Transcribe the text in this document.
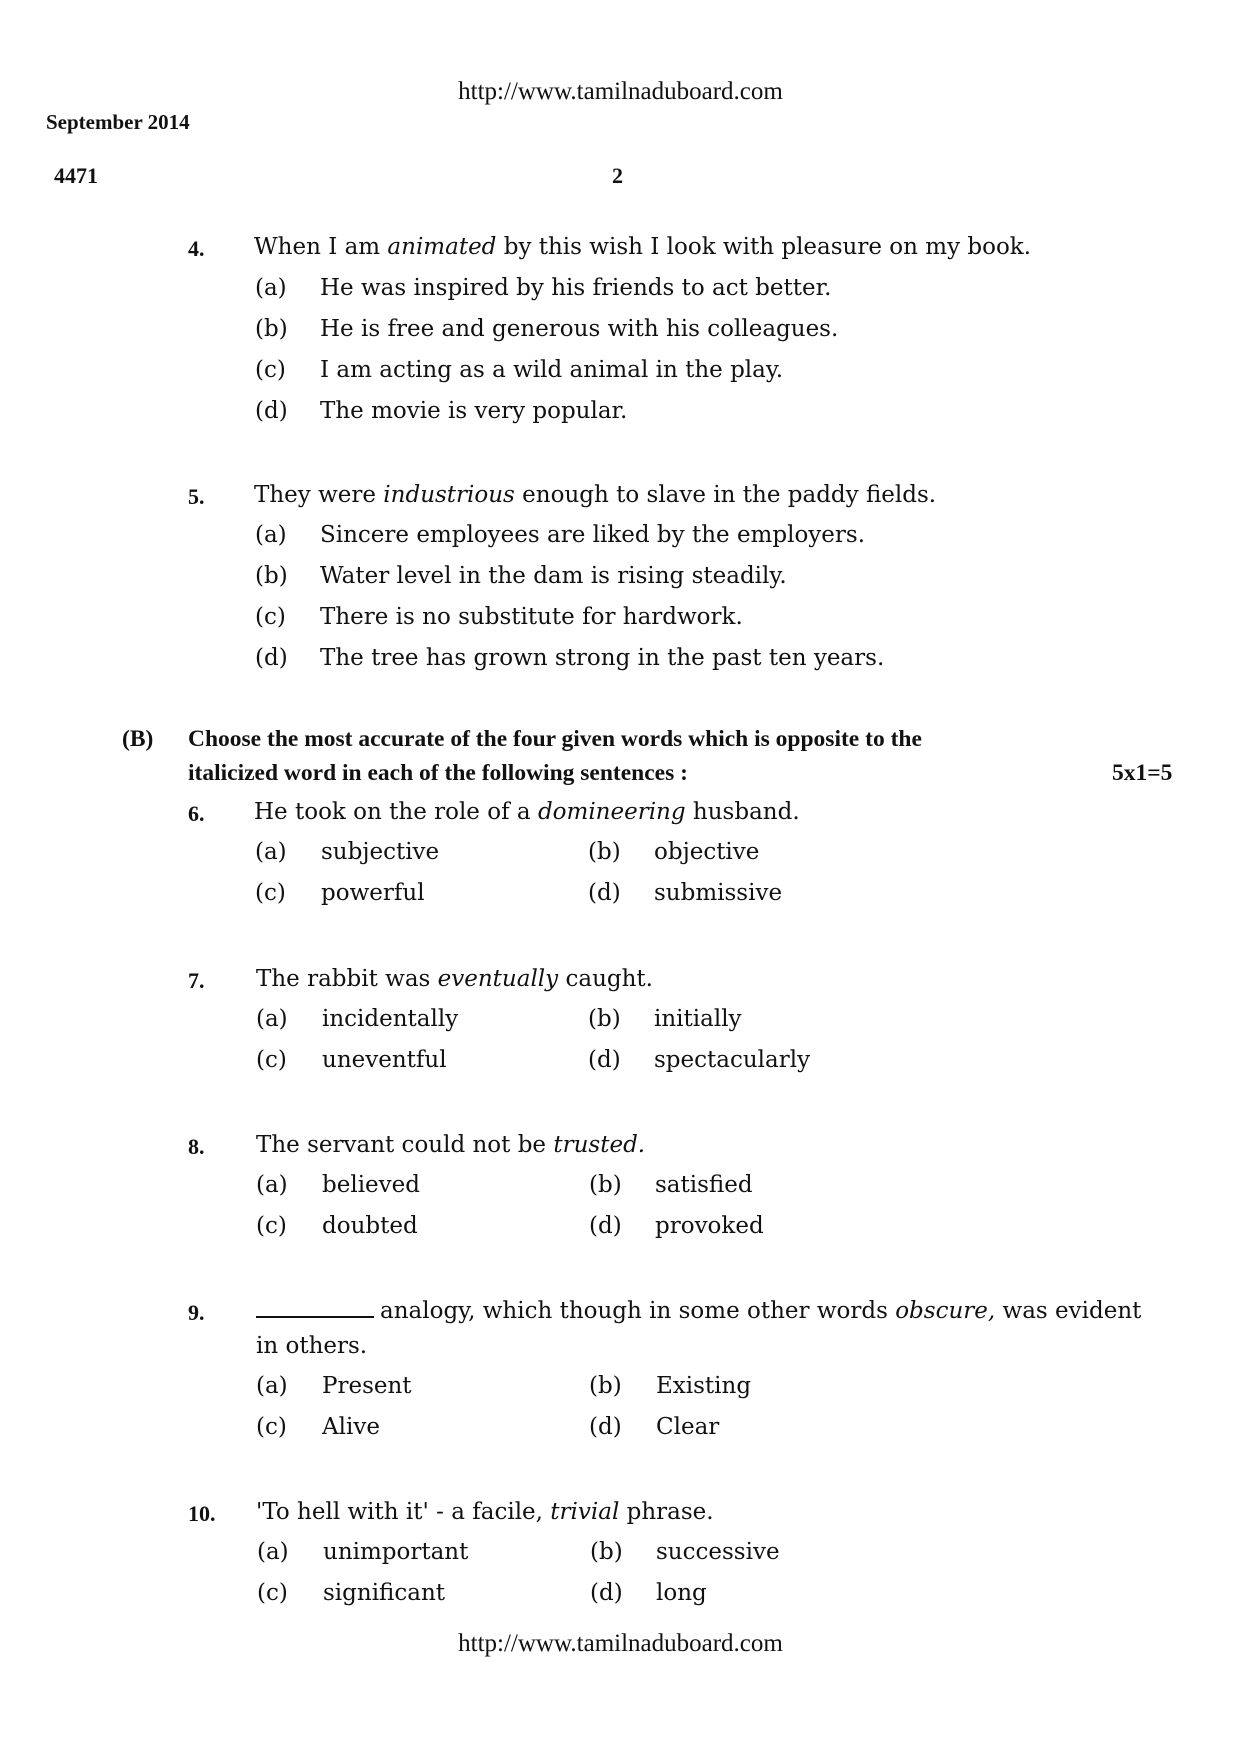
http://www.tamilnaduboard.com
September 2014
4471	2
4. When I am animated by this wish I look with pleasure on my book.
(a) He was inspired by his friends to act better.
(b) He is free and generous with his colleagues.
(c) I am acting as a wild animal in the play.
(d) The movie is very popular.
5. They were industrious enough to slave in the paddy fields.
(a) Sincere employees are liked by the employers.
(b) Water level in the dam is rising steadily.
(c) There is no substitute for hardwork.
(d) The tree has grown strong in the past ten years.
(B) Choose the most accurate of the four given words which is opposite to the
italicized word in each of the following sentences :	5x1=5
6. He took on the role of a domineering husband.
(a) subjective	(b) objective
(c) powerful	(d) submissive
7. The rabbit was eventually caught.
(a) incidentally	(b) initially
(c) uneventful	(d) spectacularly
8. The servant could not be trusted.
(a) believed	(b) satisfied
(c) doubted	(d) provoked
9.	analogy, which though in some other words obscure, was evident
in others.
(a) Present	(b) Existing
(c) Alive	(d) Clear
10. 'To hell with it' - a facile, trivial phrase.
(a) unimportant	(b) successive
(c) significant	(d) long
http://www.tamilnaduboard.com
